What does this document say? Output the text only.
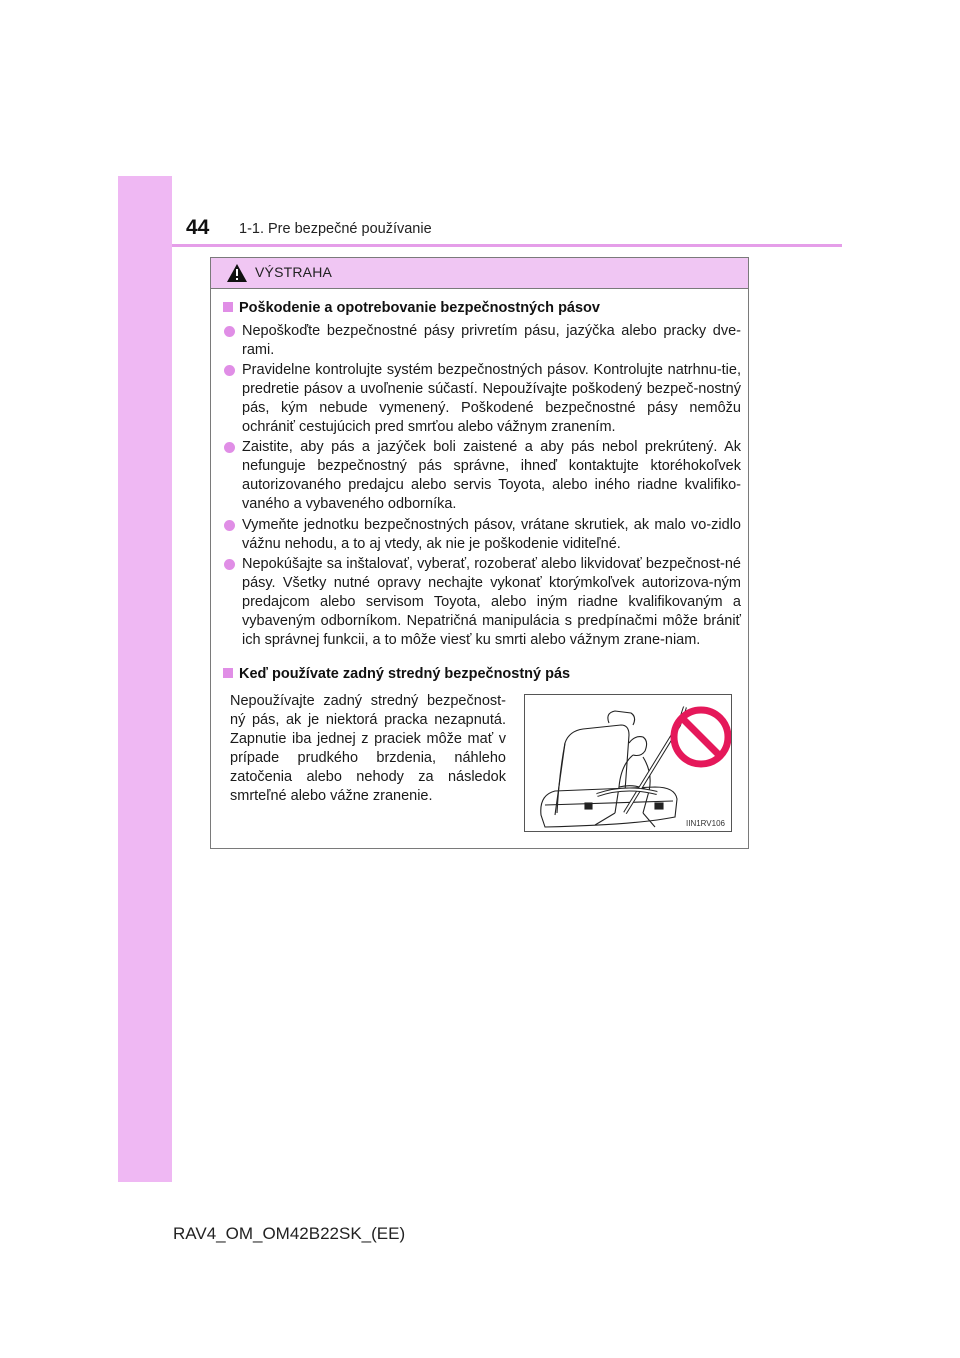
44 1-1. Pre bezpečné používanie
VÝSTRAHA
Poškodenie a opotrebovanie bezpečnostných pásov
Nepoškoďte bezpečnostné pásy privretím pásu, jazýčka alebo pracky dve-rami.
Pravidelne kontrolujte systém bezpečnostných pásov. Kontrolujte natrhnu-tie, predretie pásov a uvoľnenie súčastí. Nepoužívajte poškodený bezpeč-nostný pás, kým nebude vymenený. Poškodené bezpečnostné pásy nemôžu ochrániť cestujúcich pred smrťou alebo vážnym zranením.
Zaistite, aby pás a jazýček boli zaistené a aby pás nebol prekrútený. Ak nefunguje bezpečnostný pás správne, ihneď kontaktujte ktoréhokoľvek autorizovaného predajcu alebo servis Toyota, alebo iného riadne kvalifiko-vaného a vybaveného odborníka.
Vymeňte jednotku bezpečnostných pásov, vrátane skrutiek, ak malo vo-zidlo vážnu nehodu, a to aj vtedy, ak nie je poškodenie viditeľné.
Nepokúšajte sa inštalovať, vyberať, rozoberať alebo likvidovať bezpečnost-né pásy. Všetky nutné opravy nechajte vykonať ktorýmkoľvek autorizova-ným predajcom alebo servisom Toyota, alebo iným riadne kvalifikovaným a vybaveným odborníkom. Nepatričná manipulácia s predpínačmi môže brániť ich správnej funkcii, a to môže viesť ku smrti alebo vážnym zrane-niam.
Keď používate zadný stredný bezpečnostný pás
Nepoužívajte zadný stredný bezpečnost-ný pás, ak je niektorá pracka nezapnutá. Zapnutie iba jednej z praciek môže mať v prípade prudkého brzdenia, náhleho zatočenia alebo nehody za následok smrteľné alebo vážne zranenie.
IIN1RV106
RAV4_OM_OM42B22SK_(EE)
